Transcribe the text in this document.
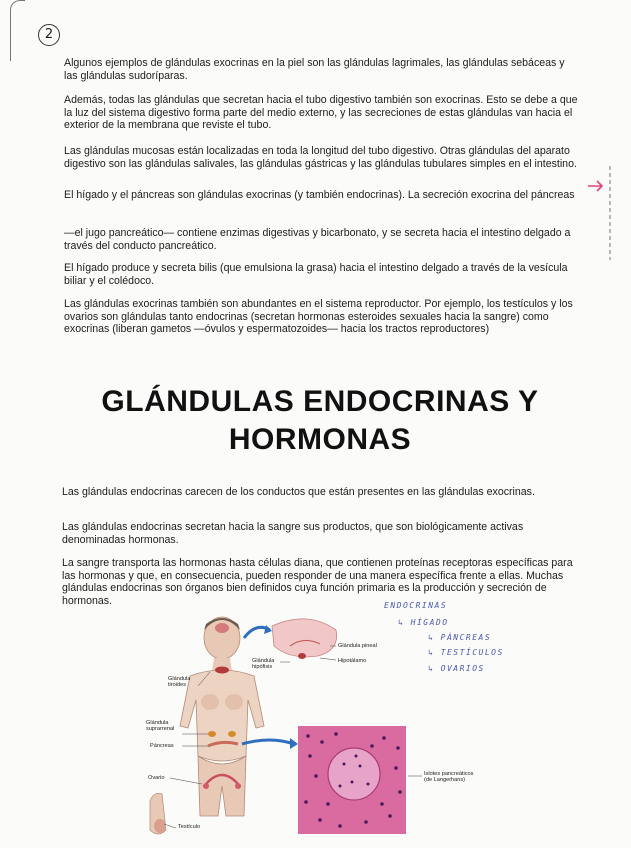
2

Algunos ejemplos de glándulas exocrinas en la piel son las glándulas lagrimales, las glándulas sebáceas y las glándulas sudoríparas.

Además, todas las glándulas que secretan hacia el tubo digestivo también son exocrinas. Esto se debe a que la luz del sistema digestivo forma parte del medio externo, y las secreciones de estas glándulas van hacia el exterior de la membrana que reviste el tubo.

Las glándulas mucosas están localizadas en toda la longitud del tubo digestivo. Otras glándulas del aparato digestivo son las glándulas salivales, las glándulas gástricas y las glándulas tubulares simples en el intestino.

El hígado y el páncreas son glándulas exocrinas (y también endocrinas). La secreción exocrina del páncreas

—el jugo pancreático— contiene enzimas digestivas y bicarbonato, y se secreta hacia el intestino delgado a través del conducto pancreático.

El hígado produce y secreta bilis (que emulsiona la grasa) hacia el intestino delgado a través de la vesícula biliar y el colédoco.

Las glándulas exocrinas también son abundantes en el sistema reproductor. Por ejemplo, los testículos y los ovarios son glándulas tanto endocrinas (secretan hormonas esteroides sexuales hacia la sangre) como exocrinas (liberan gametos —óvulos y espermatozoides— hacia los tractos reproductores)

GLÁNDULAS ENDOCRINAS Y HORMONAS

Las glándulas endocrinas carecen de los conductos que están presentes en las glándulas exocrinas.

Las glándulas endocrinas secretan hacia la sangre sus productos, que son biológicamente activas denominadas hormonas.

La sangre transporta las hormonas hasta células diana, que contienen proteínas receptoras específicas para las hormonas y que, en consecuencia, pueden responder de una manera específica frente a ellas. Muchas glándulas endocrinas son órganos bien definidos cuya función primaria es la producción y secreción de hormonas.	ENDOCRINAS
↳ HÍGADO
↳ PÁNCREAS
↳ TESTÍCULOS
↳ OVARIOS
Glándula pineal
Glándula hipófisis
Hipotálamo
Glándula tiroides
Glándula suprarrenal
Páncreas
Ovario
Testículo
Islotes pancreáticos (de Langerhans)
